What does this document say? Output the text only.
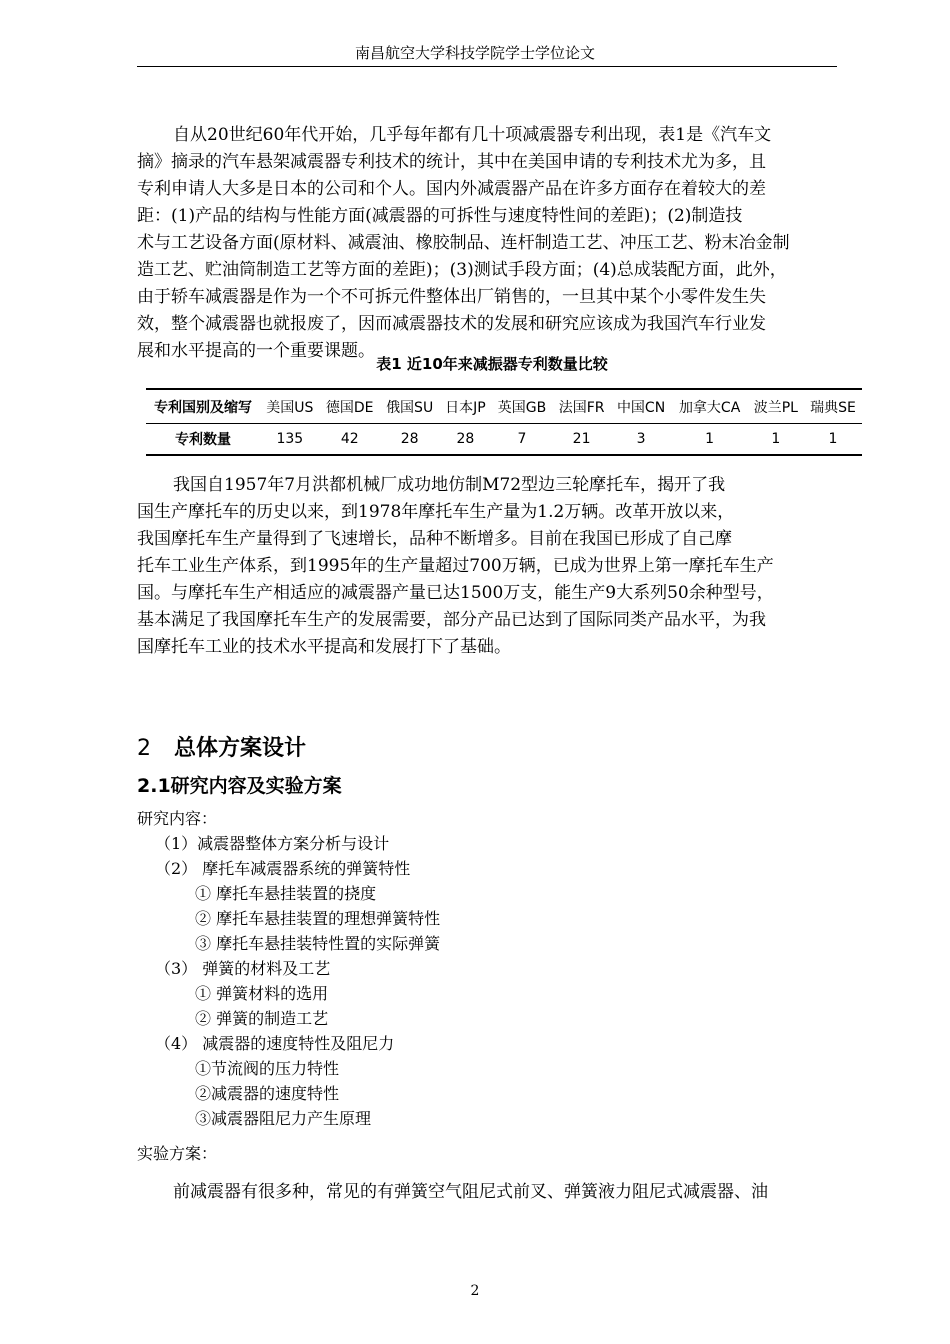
南昌航空大学科技学院学士学位论文

自从20世纪60年代开始，几乎每年都有几十项减震器专利出现，表1是《汽车文
摘》摘录的汽车悬架减震器专利技术的统计，其中在美国申请的专利技术尤为多，且
专利申请人大多是日本的公司和个人。国内外减震器产品在许多方面存在着较大的差
距：(1)产品的结构与性能方面(减震器的可拆性与速度特性间的差距)；(2)制造技
术与工艺设备方面(原材料、减震油、橡胶制品、连杆制造工艺、冲压工艺、粉末冶金制
造工艺、贮油筒制造工艺等方面的差距)；(3)测试手段方面；(4)总成装配方面，此外，
由于轿车减震器是作为一个不可拆元件整体出厂销售的，一旦其中某个小零件发生失
效，整个减震器也就报废了，因而减震器技术的发展和研究应该成为我国汽车行业发
展和水平提高的一个重要课题。

表1 近10年来减振器专利数量比较
专利国别及缩写	美国US	德国DE	俄国SU	日本JP	英国GB	法国FR	中国CN	加拿大CA	波兰PL	瑞典SE
专利数量	135	42	28	28	7	21	3	1	1	1

我国自1957年7月洪都机械厂成功地仿制M72型边三轮摩托车，揭开了我
国生产摩托车的历史以来，到1978年摩托车生产量为1.2万辆。改革开放以来，
我国摩托车生产量得到了飞速增长，品种不断增多。目前在我国已形成了自己摩
托车工业生产体系，到1995年的生产量超过700万辆，已成为世界上第一摩托车生产
国。与摩托车生产相适应的减震器产量已达1500万支，能生产9大系列50余种型号，
基本满足了我国摩托车生产的发展需要，部分产品已达到了国际同类产品水平，为我
国摩托车工业的技术水平提高和发展打下了基础。

2 总体方案设计
2.1研究内容及实验方案
研究内容：
（1）减震器整体方案分析与设计
（2） 摩托车减震器系统的弹簧特性
① 摩托车悬挂装置的挠度
② 摩托车悬挂装置的理想弹簧特性
③ 摩托车悬挂装特性置的实际弹簧
（3） 弹簧的材料及工艺
① 弹簧材料的选用
② 弹簧的制造工艺
（4） 减震器的速度特性及阻尼力
①节流阀的压力特性
②减震器的速度特性
③减震器阻尼力产生原理
实验方案：
前减震器有很多种，常见的有弹簧空气阻尼式前叉、弹簧液力阻尼式减震器、油
2
